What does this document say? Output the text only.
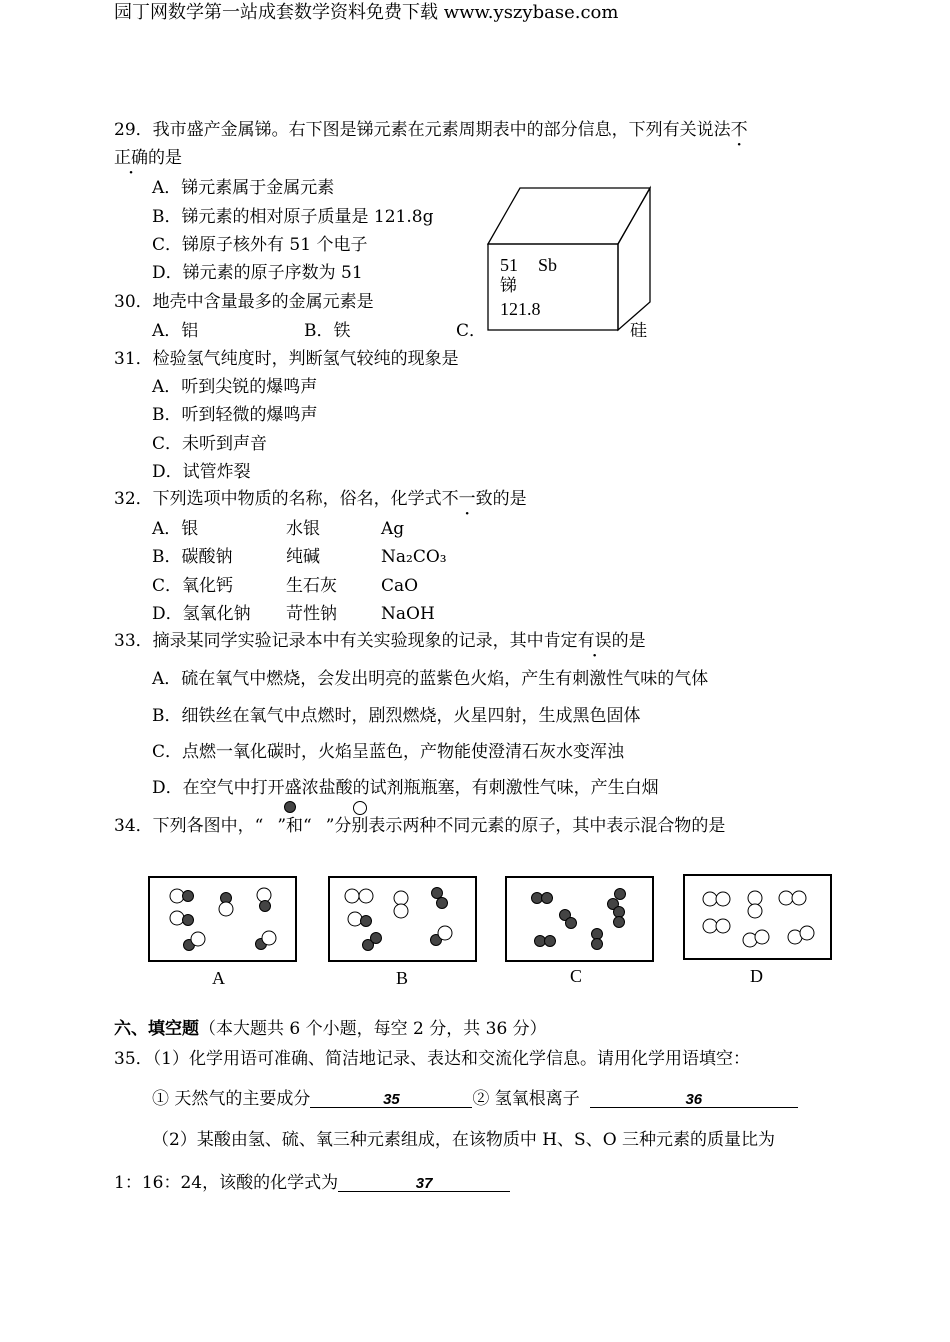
园丁网数学第一站成套数学资料免费下载 www.yszybase.com
29．我市盛产金属锑。右下图是锑元素在元素周期表中的部分信息，下列有关说法不
正确的是
A．锑元素属于金属元素
B．锑元素的相对原子质量是 121.8g
C．锑原子核外有 51 个电子
D．锑元素的原子序数为 51	51 Sb
锑
121.8
30．地壳中含量最多的金属元素是
A．铝	B．铁	C．	硅
31．检验氢气纯度时，判断氢气较纯的现象是
A．听到尖锐的爆鸣声
B．听到轻微的爆鸣声
C．未听到声音
D．试管炸裂
32．下列选项中物质的名称，俗名，化学式不一致的是
A．银	水银	Ag
B．碳酸钠	纯碱	Na₂CO₃
C．氧化钙	生石灰	CaO
D．氢氧化钠 苛性钠	NaOH
33．摘录某同学实验记录本中有关实验现象的记录，其中肯定有误的是
A．硫在氧气中燃烧，会发出明亮的蓝紫色火焰，产生有刺激性气味的气体
B．细铁丝在氧气中点燃时，剧烈燃烧，火星四射，生成黑色固体
C．点燃一氧化碳时，火焰呈蓝色，产物能使澄清石灰水变浑浊
D．在空气中打开盛浓盐酸的试剂瓶瓶塞，有刺激性气味，产生白烟
34．下列各图中，“ ”和“ ”分别表示两种不同元素的原子，其中表示混合物的是
A	B	C	D
六、填空题（本大题共 6 个小题，每空 2 分，共 36 分）
35．（1）化学用语可准确、简洁地记录、表达和交流化学信息。请用化学用语填空：
① 天然气的主要成分	35	② 氢氧根离子	36
（2）某酸由氢、硫、氧三种元素组成，在该物质中 H、S、O 三种元素的质量比为
1：16：24，该酸的化学式为	37
